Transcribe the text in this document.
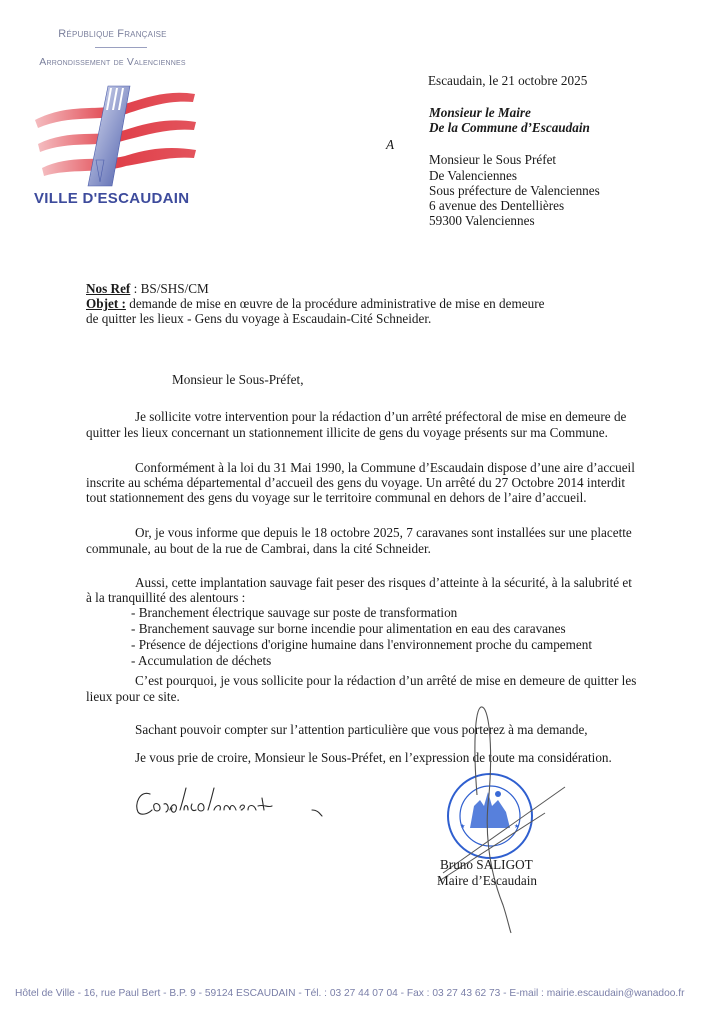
République Française
Arrondissement de Valenciennes
VILLE D'ESCAUDAIN
Escaudain, le 21 octobre 2025
Monsieur le Maire
De la Commune d’Escaudain
A
Monsieur le Sous Préfet
De Valenciennes
Sous préfecture de Valenciennes
6 avenue des Dentellières
59300 Valenciennes
Nos Ref : BS/SHS/CM
Objet : demande de mise en œuvre de la procédure administrative de mise en demeure
de quitter les lieux - Gens du voyage à Escaudain-Cité Schneider.
Monsieur le Sous-Préfet,
Je sollicite votre intervention pour la rédaction d’un arrêté préfectoral de mise en demeure de
quitter les lieux concernant un stationnement illicite de gens du voyage présents sur ma Commune.
Conformément à la loi du 31 Mai 1990, la Commune d’Escaudain dispose d’une aire d’accueil
inscrite au schéma départemental d’accueil des gens du voyage. Un arrêté du 27 Octobre 2014 interdit
tout stationnement des gens du voyage sur le territoire communal en dehors de l’aire d’accueil.
Or, je vous informe que depuis le 18 octobre 2025, 7 caravanes sont installées sur une placette
communale, au bout de la rue de Cambrai, dans la cité Schneider.
Aussi, cette implantation sauvage fait peser des risques d’atteinte à la sécurité, à la salubrité et
à la tranquillité des alentours :
- Branchement électrique sauvage sur poste de transformation
- Branchement sauvage sur borne incendie pour alimentation en eau des caravanes
- Présence de déjections d'origine humaine dans l'environnement proche du campement
- Accumulation de déchets
C’est pourquoi, je vous sollicite pour la rédaction d’un arrêté de mise en demeure de quitter les
lieux pour ce site.
Sachant pouvoir compter sur l’attention particulière que vous porterez à ma demande,
Je vous prie de croire, Monsieur le Sous-Préfet, en l’expression de toute ma considération.
★	★
Bruno SALIGOT
Maire d’Escaudain
Hôtel de Ville - 16, rue Paul Bert - B.P. 9 - 59124 ESCAUDAIN - Tél. : 03 27 44 07 04 - Fax : 03 27 43 62 73 - E-mail : mairie.escaudain@wanadoo.fr
